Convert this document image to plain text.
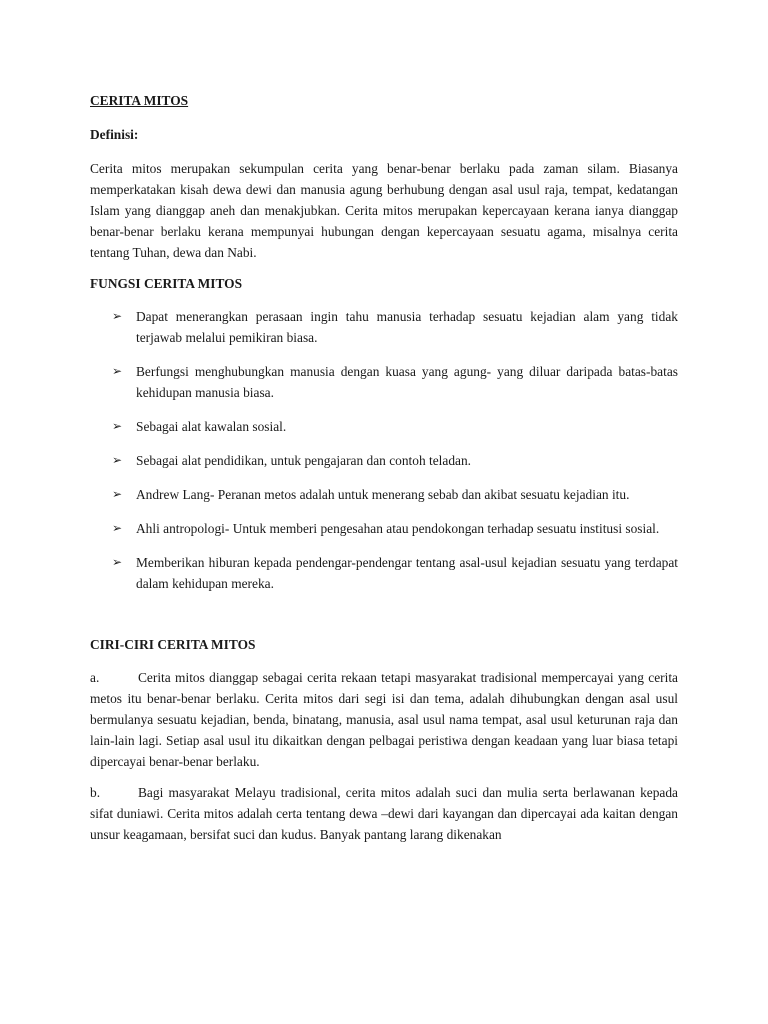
CERITA MITOS

Definisi:

Cerita mitos merupakan sekumpulan cerita yang benar-benar berlaku pada zaman silam. Biasanya memperkatakan kisah dewa dewi dan manusia agung berhubung dengan asal usul raja, tempat, kedatangan Islam yang dianggap aneh dan menakjubkan. Cerita mitos merupakan kepercayaan kerana ianya dianggap benar-benar berlaku kerana mempunyai hubungan dengan kepercayaan sesuatu agama, misalnya cerita tentang Tuhan, dewa dan Nabi.

FUNGSI CERITA MITOS

➢ Dapat menerangkan perasaan ingin tahu manusia terhadap sesuatu kejadian alam yang tidak terjawab melalui pemikiran biasa.
➢ Berfungsi menghubungkan manusia dengan kuasa yang agung- yang diluar daripada batas-batas kehidupan manusia biasa.
➢ Sebagai alat kawalan sosial.
➢ Sebagai alat pendidikan, untuk pengajaran dan contoh teladan.
➢ Andrew Lang- Peranan metos adalah untuk menerang sebab dan akibat sesuatu kejadian itu.
➢ Ahli antropologi- Untuk memberi pengesahan atau pendokongan terhadap sesuatu institusi sosial.
➢ Memberikan hiburan kepada pendengar-pendengar tentang asal-usul kejadian sesuatu yang terdapat dalam kehidupan mereka.

CIRI-CIRI CERITA MITOS

a.	Cerita mitos dianggap sebagai cerita rekaan tetapi masyarakat tradisional mempercayai yang cerita metos itu benar-benar berlaku. Cerita mitos dari segi isi dan tema, adalah dihubungkan dengan asal usul bermulanya sesuatu kejadian, benda, binatang, manusia, asal usul nama tempat, asal usul keturunan raja dan lain-lain lagi. Setiap asal usul itu dikaitkan dengan pelbagai peristiwa dengan keadaan yang luar biasa tetapi dipercayai benar-benar berlaku.

b.	Bagi masyarakat Melayu tradisional, cerita mitos adalah suci dan mulia serta berlawanan kepada sifat duniawi. Cerita mitos adalah certa tentang dewa –dewi dari kayangan dan dipercayai ada kaitan dengan unsur keagamaan, bersifat suci dan kudus. Banyak pantang larang dikenakan
